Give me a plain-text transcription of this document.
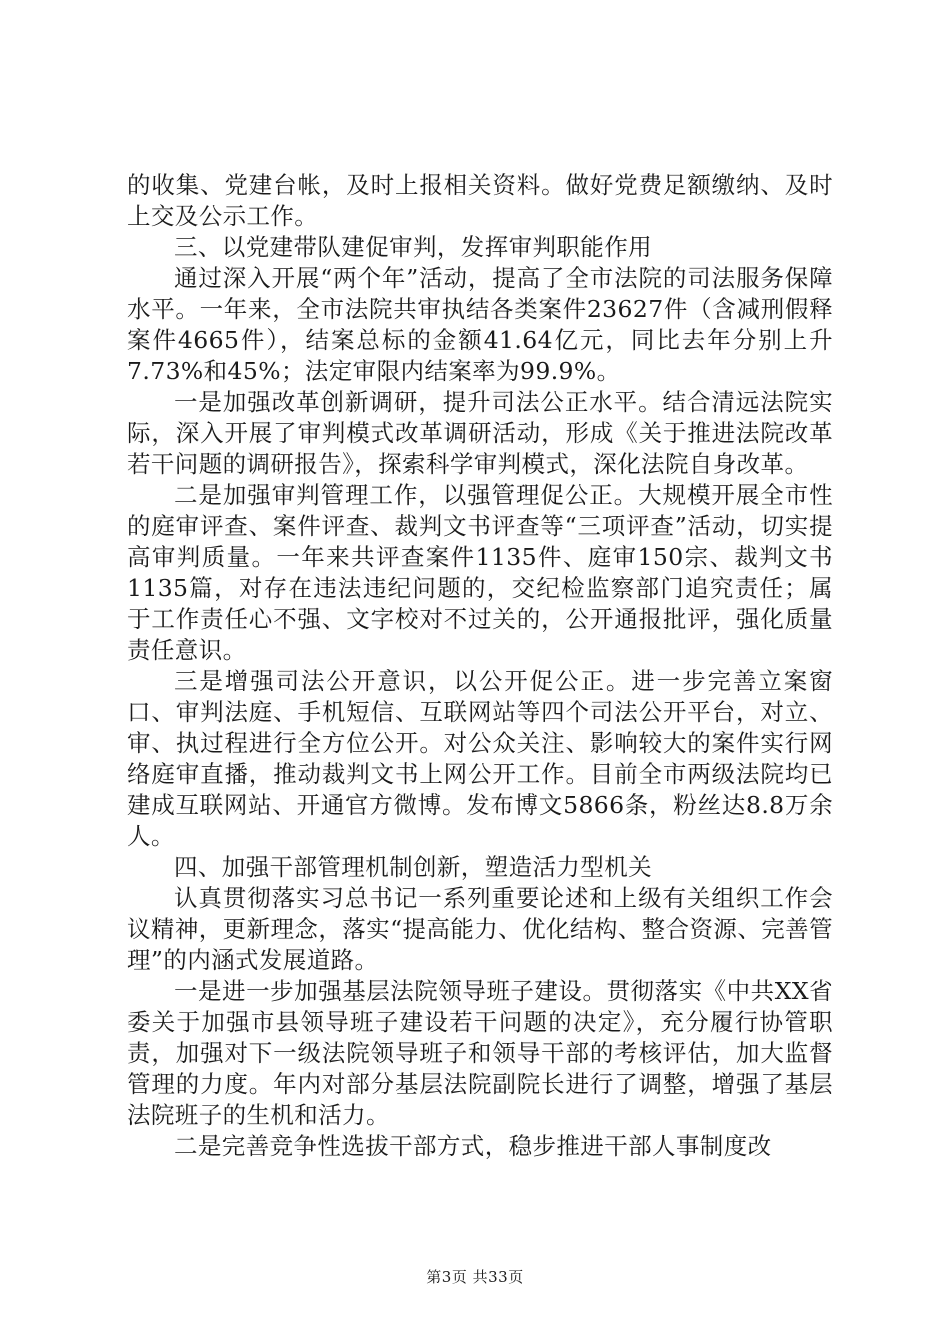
的收集、党建台帐，及时上报相关资料。做好党费足额缴纳、及时上交及公示工作。

三、以党建带队建促审判，发挥审判职能作用

通过深入开展“两个年”活动，提高了全市法院的司法服务保障水平。一年来，全市法院共审执结各类案件23627件（含减刑假释案件4665件），结案总标的金额41.64亿元，同比去年分别上升7.73%和45%；法定审限内结案率为99.9%。

一是加强改革创新调研，提升司法公正水平。结合清远法院实际，深入开展了审判模式改革调研活动，形成《关于推进法院改革若干问题的调研报告》，探索科学审判模式，深化法院自身改革。

二是加强审判管理工作，以强管理促公正。大规模开展全市性的庭审评查、案件评查、裁判文书评查等“三项评查”活动，切实提高审判质量。一年来共评查案件1135件、庭审150宗、裁判文书1135篇，对存在违法违纪问题的，交纪检监察部门追究责任；属于工作责任心不强、文字校对不过关的，公开通报批评，强化质量责任意识。

三是增强司法公开意识，以公开促公正。进一步完善立案窗口、审判法庭、手机短信、互联网站等四个司法公开平台，对立、审、执过程进行全方位公开。对公众关注、影响较大的案件实行网络庭审直播，推动裁判文书上网公开工作。目前全市两级法院均已建成互联网站、开通官方微博。发布博文5866条，粉丝达8.8万余人。

四、加强干部管理机制创新，塑造活力型机关

认真贯彻落实习总书记一系列重要论述和上级有关组织工作会议精神，更新理念，落实“提高能力、优化结构、整合资源、完善管理”的内涵式发展道路。

一是进一步加强基层法院领导班子建设。贯彻落实《中共XX省委关于加强市县领导班子建设若干问题的决定》，充分履行协管职责，加强对下一级法院领导班子和领导干部的考核评估，加大监督管理的力度。年内对部分基层法院副院长进行了调整，增强了基层法院班子的生机和活力。

二是完善竞争性选拔干部方式，稳步推进干部人事制度改

第3页 共33页
